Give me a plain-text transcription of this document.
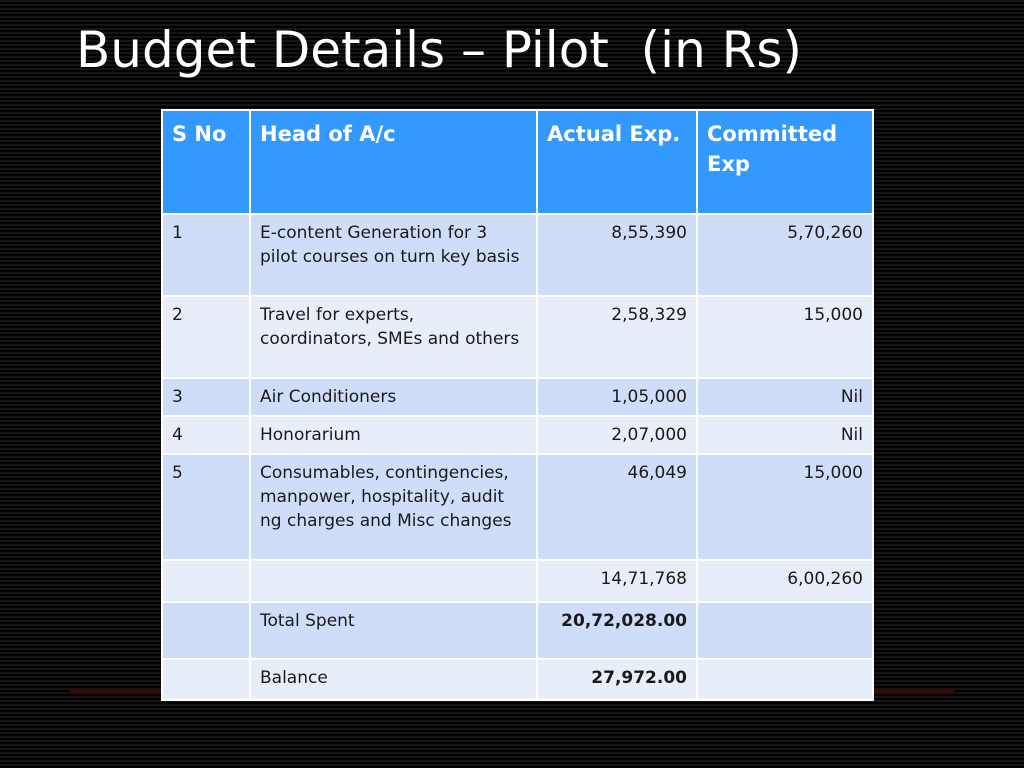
Budget Details – Pilot  (in Rs)
S No	Head of A/c	Actual Exp.	Committed Exp
1	E-content Generation for 3 pilot courses on turn key basis	8,55,390	5,70,260
2	Travel for experts, coordinators, SMEs and others	2,58,329	15,000
3	Air Conditioners	1,05,000	Nil
4	Honorarium	2,07,000	Nil
5	Consumables, contingencies, manpower, hospitality, audit ng charges and Misc changes	46,049	15,000
		14,71,768	6,00,260
	Total Spent	20,72,028.00	
	Balance	27,972.00	
